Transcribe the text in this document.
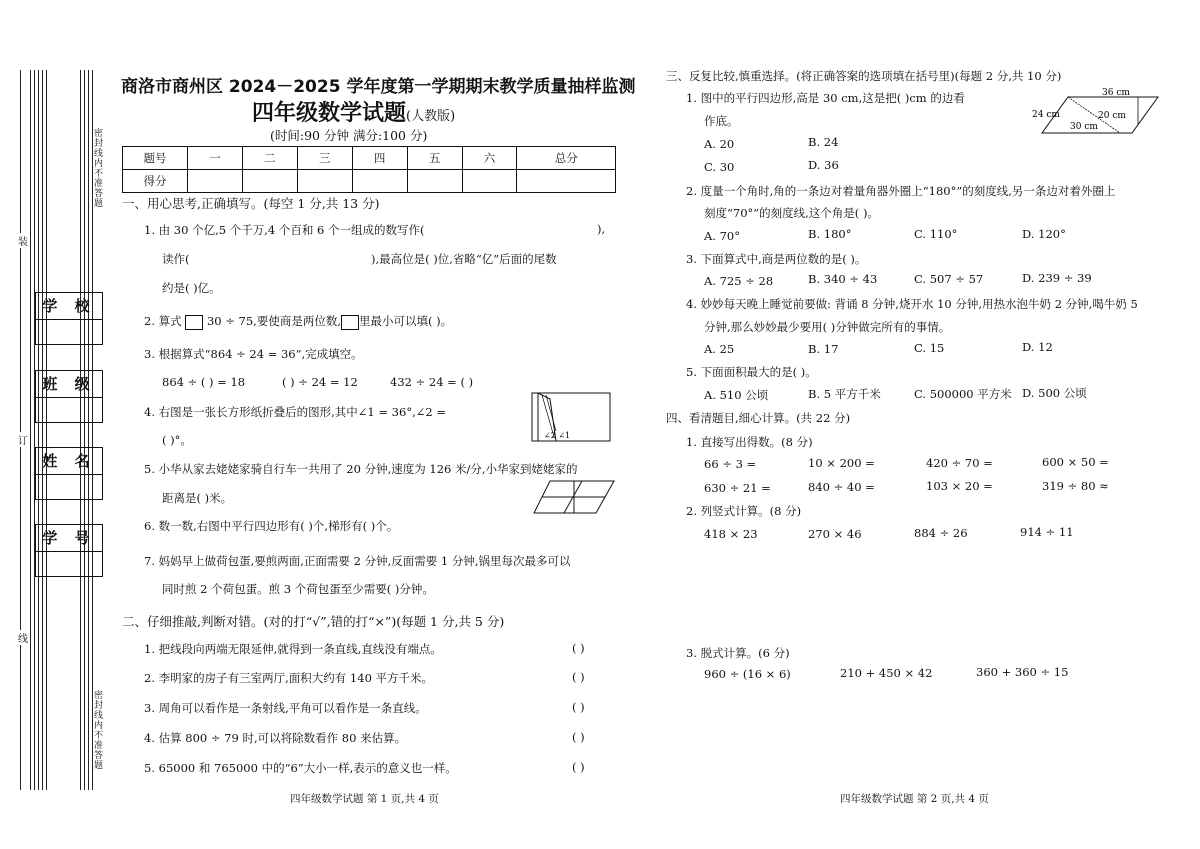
密封线内不准答题
密封线内不准答题
装
订
线
学 校
班 级
姓 名
学 号
商洛市商州区 2024－2025 学年度第一学期期末教学质量抽样监测
四年级数学试题(人教版)
(时间:90 分钟 满分:100 分)
题号	一	二	三	四	五	六	总分
得分							
一、用心思考,正确填写。(每空 1 分,共 13 分)
1. 由 30 个亿,5 个千万,4 个百和 6 个一组成的数写作(	),
读作(	),最高位是( )位,省略“亿”后面的尾数
约是( )亿。
2. 算式 30 ÷ 75,要使商是两位数, 里最小可以填( )。
3. 根据算式“864 ÷ 24 = 36”,完成填空。
864 ÷ ( ) = 18	( ) ÷ 24 = 12	432 ÷ 24 = ( )
4. 右图是一张长方形纸折叠后的图形,其中∠1 = 36°,∠2 =
( )°。	∠2 ∠1
5. 小华从家去姥姥家骑自行车一共用了 20 分钟,速度为 126 米/分,小华家到姥姥家的
距离是( )米。
6. 数一数,右图中平行四边形有( )个,梯形有( )个。
7. 妈妈早上做荷包蛋,要煎两面,正面需要 2 分钟,反面需要 1 分钟,锅里每次最多可以
同时煎 2 个荷包蛋。煎 3 个荷包蛋至少需要( )分钟。
二、仔细推敲,判断对错。(对的打“√”,错的打“×”)(每题 1 分,共 5 分)
1. 把线段向两端无限延伸,就得到一条直线,直线没有端点。	( )
2. 李明家的房子有三室两厅,面积大约有 140 平方千米。	( )
3. 周角可以看作是一条射线,平角可以看作是一条直线。	( )
4. 估算 800 ÷ 79 时,可以将除数看作 80 来估算。	( )
5. 65000 和 765000 中的“6”大小一样,表示的意义也一样。	( )
四年级数学试题 第 1 页,共 4 页
三、反复比较,慎重选择。(将正确答案的选项填在括号里)(每题 2 分,共 10 分)
1. 图中的平行四边形,高是 30 cm,这是把( )cm 的边看
作底。
A. 20	B. 24
C. 30	D. 36
36 cm
24 cm	20 cm
30 cm
2. 度量一个角时,角的一条边对着量角器外圈上“180°”的刻度线,另一条边对着外圈上
刻度“70°”的刻度线,这个角是( )。
A. 70°	B. 180°	C. 110°	D. 120°
3. 下面算式中,商是两位数的是( )。
A. 725 ÷ 28	B. 340 ÷ 43	C. 507 ÷ 57	D. 239 ÷ 39
4. 妙妙每天晚上睡觉前要做: 背诵 8 分钟,烧开水 10 分钟,用热水泡牛奶 2 分钟,喝牛奶 5
分钟,那么妙妙最少要用( )分钟做完所有的事情。
A. 25	B. 17	C. 15	D. 12
5. 下面面积最大的是( )。
A. 510 公顷	B. 5 平方千米	C. 500000 平方米 D. 500 公顷
四、看清题目,细心计算。(共 22 分)
1. 直接写出得数。(8 分)
66 ÷ 3 =	10 × 200 =	420 ÷ 70 =	600 × 50 =
630 ÷ 21 =	840 ÷ 40 =	103 × 20 =	319 ÷ 80 ≈
2. 列竖式计算。(8 分)
418 × 23	270 × 46	884 ÷ 26	914 ÷ 11
3. 脱式计算。(6 分)
960 ÷ (16 × 6)	210 + 450 × 42	360 + 360 ÷ 15
四年级数学试题 第 2 页,共 4 页
